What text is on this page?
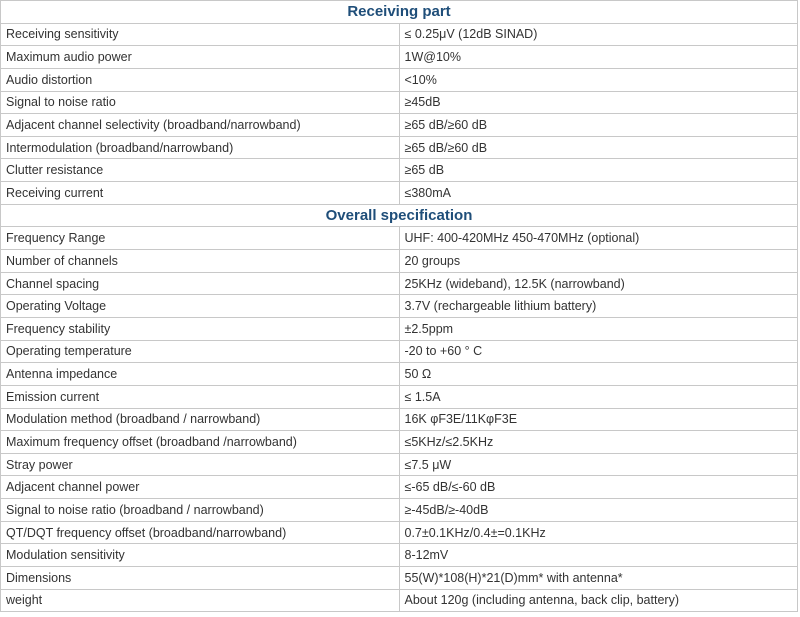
Receiving part	
Receiving sensitivity	≤ 0.25μV (12dB SINAD)
Maximum audio power	1W@10%
Audio distortion	<10%
Signal to noise ratio	≥45dB
Adjacent channel selectivity (broadband/narrowband)	≥65 dB/≥60 dB
Intermodulation (broadband/narrowband)	≥65 dB/≥60 dB
Clutter resistance	≥65 dB
Receiving current	≤380mA
Overall specification	
Frequency Range	UHF: 400-420MHz 450-470MHz (optional)
Number of channels	20 groups
Channel spacing	25KHz (wideband), 12.5K (narrowband)
Operating Voltage	3.7V (rechargeable lithium battery)
Frequency stability	±2.5ppm
Operating temperature	-20 to +60 ° C
Antenna impedance	50 Ω
Emission current	≤ 1.5A
Modulation method (broadband / narrowband)	16K φF3E/11KφF3E
Maximum frequency offset (broadband /narrowband)	≤5KHz/≤2.5KHz
Stray power	≤7.5 μW
Adjacent channel power	≤-65 dB/≤-60 dB
Signal to noise ratio (broadband / narrowband)	≥-45dB/≥-40dB
QT/DQT frequency offset (broadband/narrowband)	0.7±0.1KHz/0.4±=0.1KHz
Modulation sensitivity	8-12mV
Dimensions	55(W)*108(H)*21(D)mm* with antenna*
weight	About 120g (including antenna, back clip, battery)
